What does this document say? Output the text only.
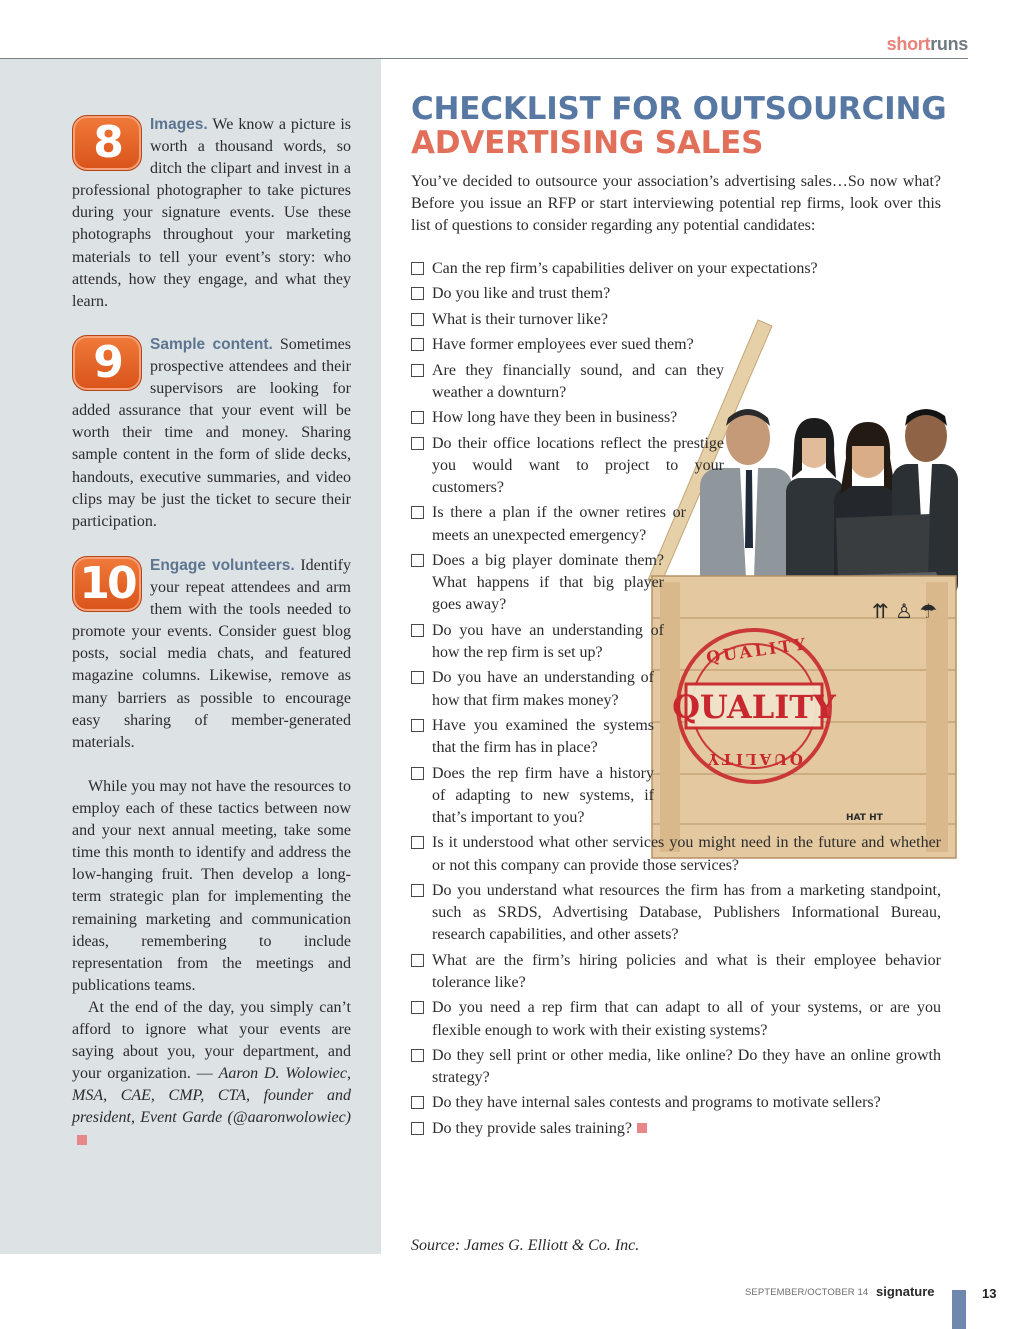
shortruns
8	Images. We know a picture is worth a thousand words, so ditch the clipart and invest in a professional photographer to take pictures during your signature events. Use these photographs throughout your marketing materials to tell your event’s story: who attends, how they engage, and what they learn.
9	Sample content. Sometimes prospective attendees and their supervisors are looking for added assurance that your event will be worth their time and money. Sharing sample content in the form of slide decks, handouts, executive summaries, and video clips may be just the ticket to secure their participation.
10 Engage volunteers. Identify your repeat attendees and arm them with the tools needed to promote your events. Consider guest blog posts, social media chats, and featured magazine columns. Likewise, remove as many barriers as possible to encourage easy sharing of member-generated materials.

While you may not have the resources to employ each of these tactics between now and your next annual meeting, take some time this month to identify and address the low-hanging fruit. Then develop a long-term strategic plan for implementing the remaining marketing and communication ideas, remembering to include representation from the meetings and publications teams.

At the end of the day, you simply can’t afford to ignore what your events are saying about you, your department, and your organization. — Aaron D. Wolowiec, MSA, CAE, CMP, CTA, founder and president, Event Garde (@aaronwolowiec)

CHECKLIST FOR OUTSOURCING
ADVERTISING SALES

You’ve decided to outsource your association’s advertising sales…So now what? Before you issue an RFP or start interviewing potential rep firms, look over this list of questions to consider regarding any potential candidates:

⇈ ♙ ☂
QUALITY
QUALITY
QUALITY
HAT HT
Can the rep firm’s capabilities deliver on your expectations?
Do you like and trust them?
What is their turnover like?
Have former employees ever sued them?
Are they financially sound, and can they weather a downturn?
How long have they been in business?
Do their office locations reflect the prestige you would want to project to your customers?
Is there a plan if the owner retires or meets an unexpected emergency?
Does a big player dominate them? What happens if that big player goes away?
Do you have an understanding of how the rep firm is set up?
Do you have an understanding of how that firm makes money?
Have you examined the systems that the firm has in place?
Does the rep firm have a history of adapting to new systems, if that’s important to you?
Is it understood what other services you might need in the future and whether or not this company can provide those services?
Do you understand what resources the firm has from a marketing standpoint, such as SRDS, Advertising Database, Publishers Informational Bureau, research capabilities, and other assets?
What are the firm’s hiring policies and what is their employee behavior tolerance like?
Do you need a rep firm that can adapt to all of your systems, or are you flexible enough to work with their existing systems?
Do they sell print or other media, like online? Do they have an online growth strategy?
Do they have internal sales contests and programs to motivate sellers?
Do they provide sales training?

Source: James G. Elliott & Co. Inc.

SEPTEMBER/OCTOBER 14 signature	13
